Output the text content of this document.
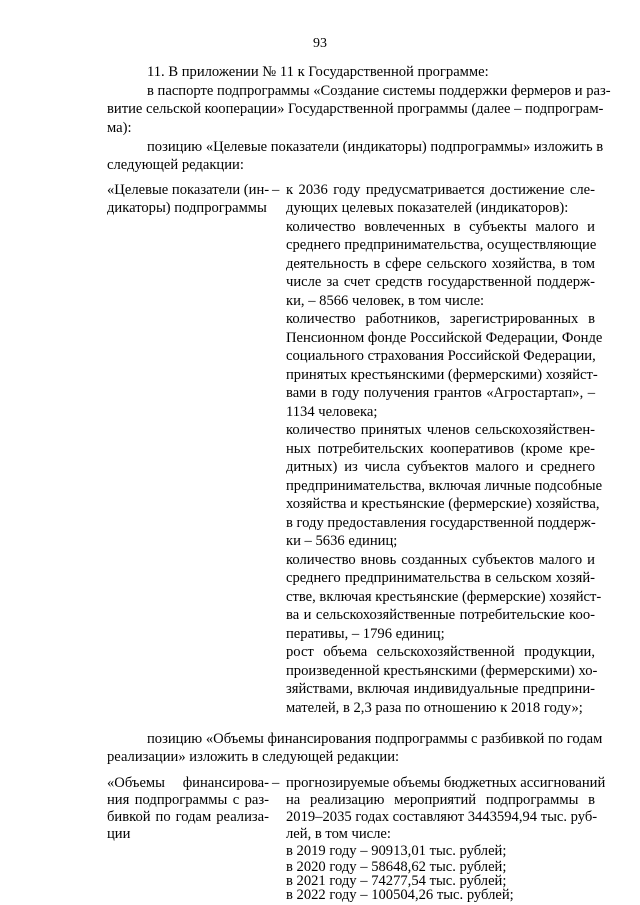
93
11. В приложении № 11 к Государственной программе:
в паспорте подпрограммы «Создание системы поддержки фермеров и раз-
витие сельской кооперации» Государственной программы (далее – подпрограм-
ма):
позицию «Целевые показатели (индикаторы) подпрограммы» изложить в
следующей редакции:
«Целевые показатели (ин-
дикаторы) подпрограммы
– к 2036 году предусматривается достижение сле-
дующих целевых показателей (индикаторов):
количество вовлеченных в субъекты малого и
среднего предпринимательства, осуществляющие
деятельность в сфере сельского хозяйства, в том
числе за счет средств государственной поддерж-
ки, – 8566 человек, в том числе:
количество работников, зарегистрированных в
Пенсионном фонде Российской Федерации, Фонде
социального страхования Российской Федерации,
принятых крестьянскими (фермерскими) хозяйст-
вами в году получения грантов «Агростартап», –
1134 человека;
количество принятых членов сельскохозяйствен-
ных потребительских кооперативов (кроме кре-
дитных) из числа субъектов малого и среднего
предпринимательства, включая личные подсобные
хозяйства и крестьянские (фермерские) хозяйства,
в году предоставления государственной поддерж-
ки – 5636 единиц;
количество вновь созданных субъектов малого и
среднего предпринимательства в сельском хозяй-
стве, включая крестьянские (фермерские) хозяйст-
ва и сельскохозяйственные потребительские коо-
перативы, – 1796 единиц;
рост объема сельскохозяйственной продукции,
произведенной крестьянскими (фермерскими) хо-
зяйствами, включая индивидуальные предприни-
мателей, в 2,3 раза по отношению к 2018 году»;
позицию «Объемы финансирования подпрограммы с разбивкой по годам
реализации» изложить в следующей редакции:
«Объемы финансирова-
ния подпрограммы с раз-
бивкой по годам реализа-
ции
– прогнозируемые объемы бюджетных ассигнований
на реализацию мероприятий подпрограммы в
2019–2035 годах составляют 3443594,94 тыс. руб-
лей, в том числе:
в 2019 году – 90913,01 тыс. рублей;
в 2020 году – 58648,62 тыс. рублей;
в 2021 году – 74277,54 тыс. рублей;
в 2022 году – 100504,26 тыс. рублей;
